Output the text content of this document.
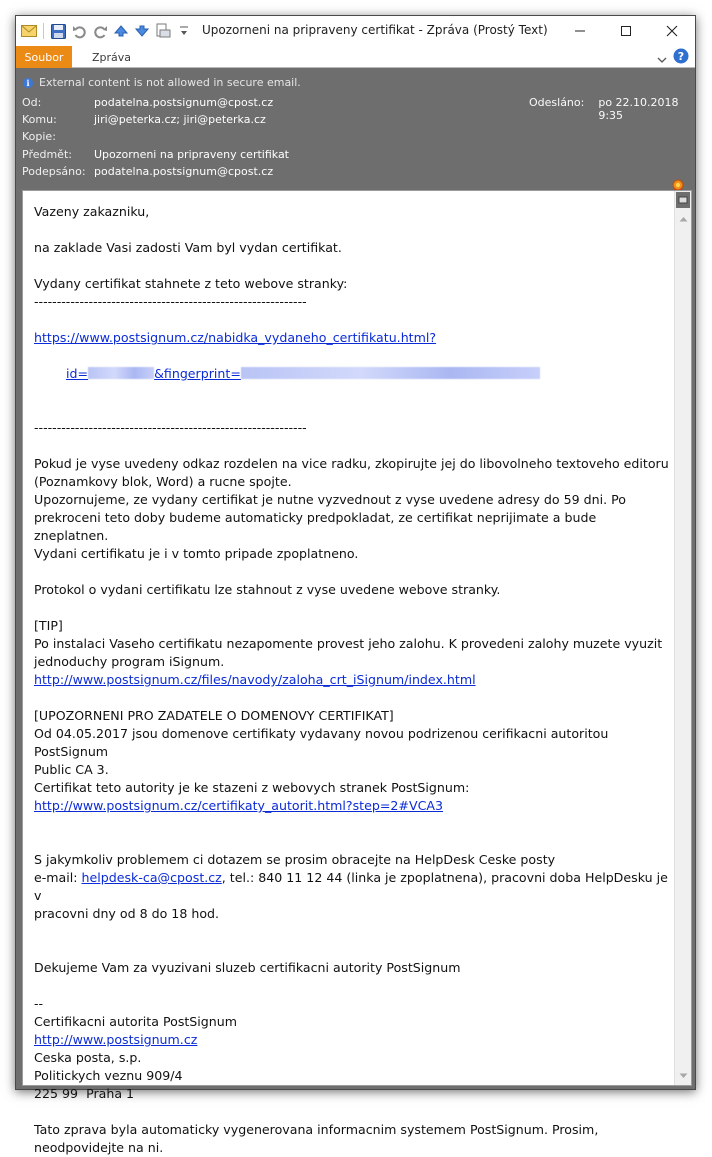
Upozorneni na pripraveny certifikat - Zpráva (Prostý Text)
Soubor	Zpráva	?
i External content is not allowed in secure email.
Od:	podatelna.postsignum@cpost.cz	Odesláno: po 22.10.2018 9:35
Komu:	jiri@peterka.cz; jiri@peterka.cz
Kopie:
Předmět:	Upozorneni na pripraveny certifikat
Podepsáno: podatelna.postsignum@cpost.cz

Vazeny zakazniku,

na zaklade Vasi zadosti Vam byl vydan certifikat.

Vydany certifikat stahnete z teto webove stranky:

------------------------------------------------------------

https://www.postsignum.cz/nabidka_vydaneho_certifikatu.html?

id=	&fingerprint=

------------------------------------------------------------

Pokud je vyse uvedeny odkaz rozdelen na vice radku, zkopirujte jej do libovolneho textoveho editoru
(Poznamkovy blok, Word) a rucne spojte.
Upozornujeme, ze vydany certifikat je nutne vyzvednout z vyse uvedene adresy do 59 dni. Po
prekroceni teto doby budeme automaticky predpokladat, ze certifikat neprijimate a bude zneplatnen.
Vydani certifikatu je i v tomto pripade zpoplatneno.

Protokol o vydani certifikatu lze stahnout z vyse uvedene webove stranky.

[TIP]
Po instalaci Vaseho certifikatu nezapomente provest jeho zalohu. K provedeni zalohy muzete vyuzit
jednoduchy program iSignum.

http://www.postsignum.cz/files/navody/zaloha_crt_iSignum/index.html

[UPOZORNENI PRO ZADATELE O DOMENOVY CERTIFIKAT]
Od 04.05.2017 jsou domenove certifikaty vydavany novou podrizenou cerifikacni autoritou PostSignum
Public CA 3.
Certifikat teto autority je ke stazeni z webovych stranek PostSignum:

http://www.postsignum.cz/certifikaty_autorit.html?step=2#VCA3

S jakymkoliv problemem ci dotazem se prosim obracejte na HelpDesk Ceske posty

e-mail: helpdesk-ca@cpost.cz, tel.: 840 11 12 44 (linka je zpoplatnena), pracovni doba HelpDesku je v
pracovni dny od 8 do 18 hod.

Dekujeme Vam za vyuzivani sluzeb certifikacni autority PostSignum

--

Certifikacni autorita PostSignum

http://www.postsignum.cz

Ceska posta, s.p.
Politickych veznu 909/4
225 99  Praha 1

Tato zprava byla automaticky vygenerovana informacnim systemem PostSignum. Prosim,
neodpovidejte na ni.
